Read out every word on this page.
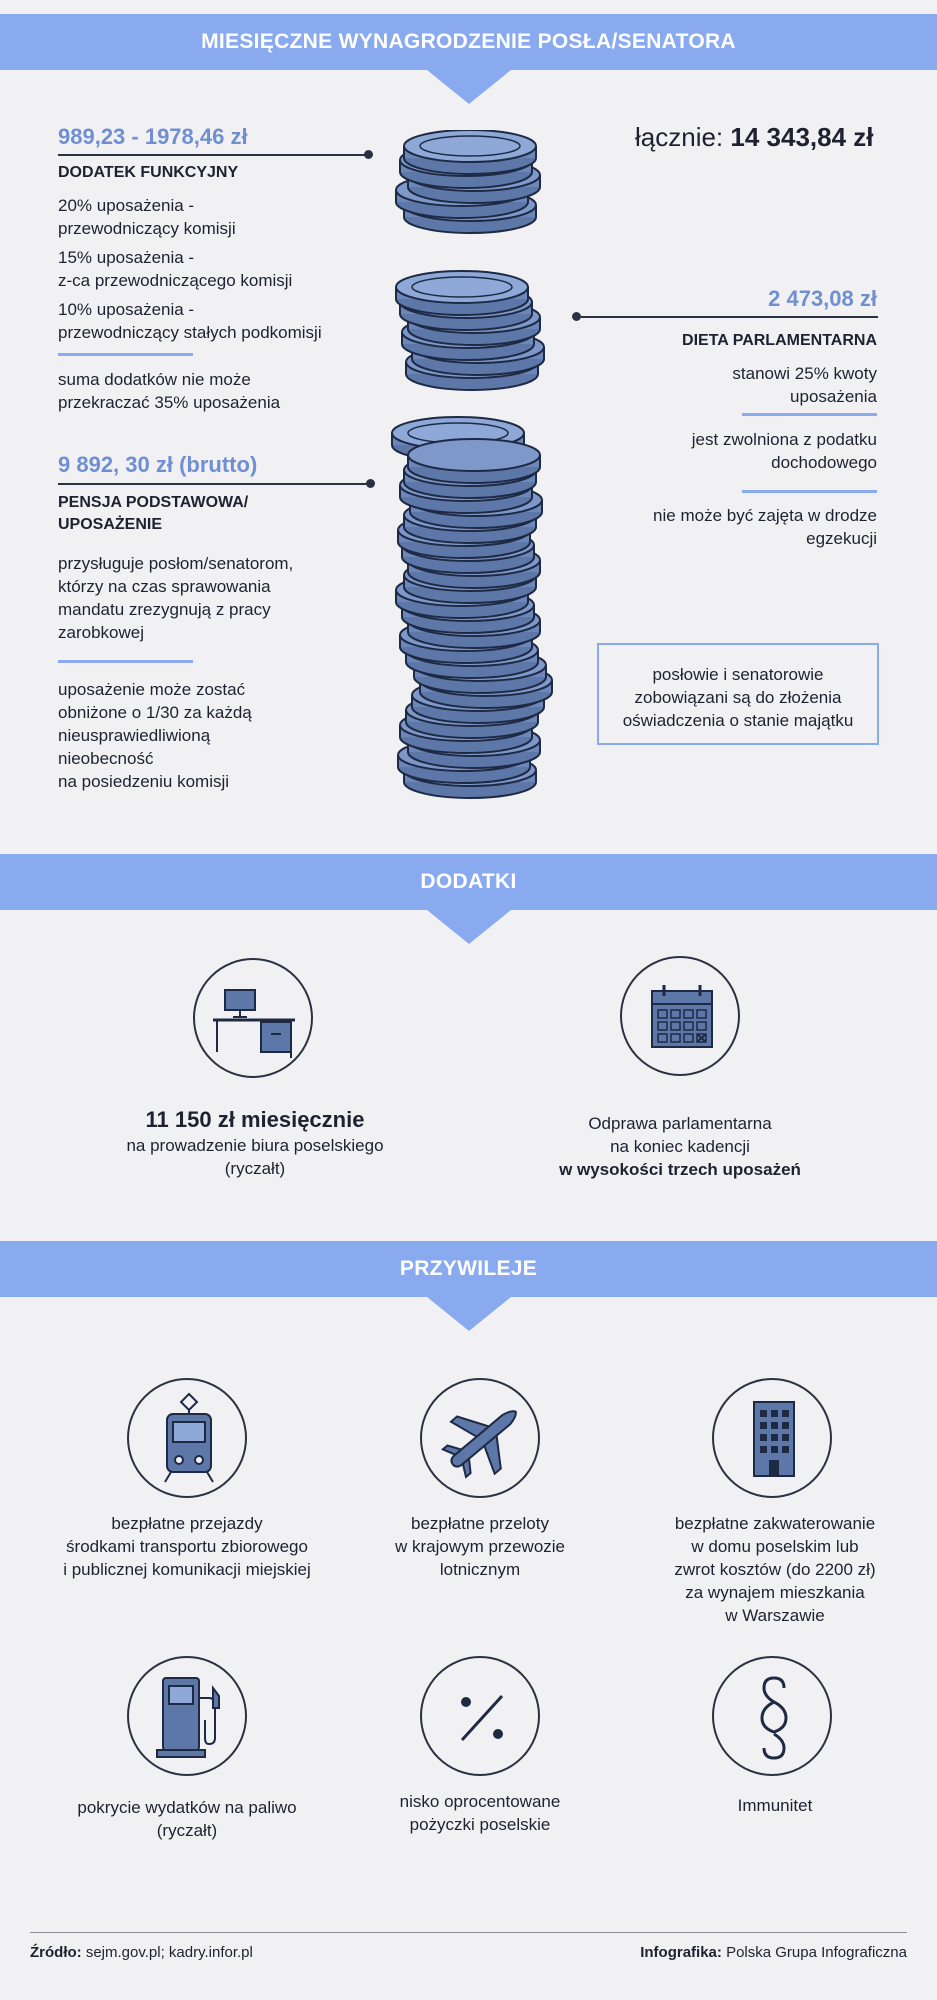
MIESIĘCZNE WYNAGRODZENIE POSŁA/SENATORA
989,23 - 1978,46 zł
DODATEK FUNKCYJNY
20% uposażenia -
przewodniczący komisji
15% uposażenia -
z-ca przewodniczącego komisji
10% uposażenia -
przewodniczący stałych podkomisji
suma dodatków nie może
przekraczać 35% uposażenia
9 892, 30 zł (brutto)
PENSJA PODSTAWOWA/
UPOSAŻENIE
przysługuje posłom/senatorom,
którzy na czas sprawowania
mandatu zrezygnują z pracy
zarobkowej
uposażenie może zostać
obniżone o 1/30 za każdą
nieusprawiedliwioną
nieobecność
na posiedzeniu komisji
łącznie: 14 343,84 zł
2 473,08 zł
DIETA PARLAMENTARNA
stanowi 25% kwoty
uposażenia
jest zwolniona z podatku
dochodowego
nie może być zajęta w drodze
egzekucji
posłowie i senatorowie
zobowiązani są do złożenia
oświadczenia o stanie majątku
DODATKI
11 150 zł miesięcznie
na prowadzenie biura poselskiego
(ryczałt)
Odprawa parlamentarna
na koniec kadencji
w wysokości trzech uposażeń
PRZYWILEJE
bezpłatne przejazdy
środkami transportu zbiorowego
i publicznej komunikacji miejskiej
bezpłatne przeloty
w krajowym przewozie
lotnicznym
bezpłatne zakwaterowanie
w domu poselskim lub
zwrot kosztów (do 2200 zł)
za wynajem mieszkania
w Warszawie
pokrycie wydatków na paliwo
(ryczałt)
nisko oprocentowane
pożyczki poselskie
Immunitet
Źródło: sejm.gov.pl; kadry.infor.pl	Infografika: Polska Grupa Infograficzna
